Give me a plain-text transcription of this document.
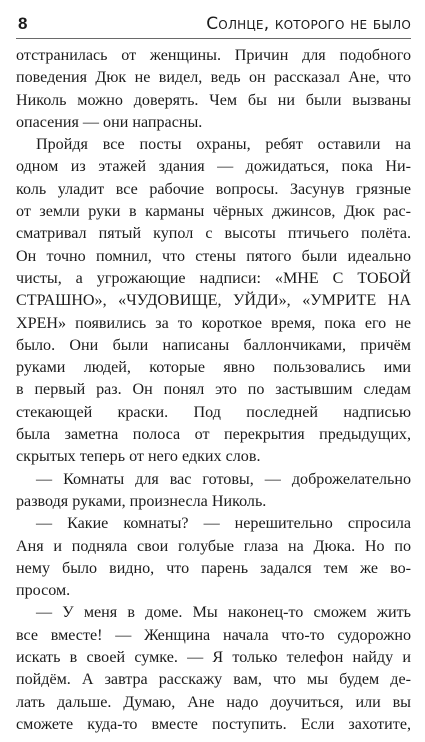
8	Солнце, которого не было
отстранилась от женщины. Причин для подобного
поведения Дюк не видел, ведь он рассказал Ане, что
Николь можно доверять. Чем бы ни были вызваны
опасения — они напрасны.
Пройдя все посты охраны, ребят оставили на
одном из этажей здания — дожидаться, пока Ни-
коль уладит все рабочие вопросы. Засунув грязные
от земли руки в карманы чёрных джинсов, Дюк рас-
сматривал пятый купол с высоты птичьего полёта.
Он точно помнил, что стены пятого были идеально
чисты, а угрожающие надписи: «МНЕ С ТОБОЙ
СТРАШНО», «ЧУДОВИЩЕ, УЙДИ», «УМРИТЕ НА
ХРЕН» появились за то короткое время, пока его не
было. Они были написаны баллончиками, причём
руками людей, которые явно пользовались ими
в первый раз. Он понял это по застывшим следам
стекающей краски. Под последней надписью
была заметна полоса от перекрытия предыдущих,
скрытых теперь от него едких слов.
— Комнаты для вас готовы, — доброжелательно
разводя руками, произнесла Николь.
— Какие комнаты? — нерешительно спросила
Аня и подняла свои голубые глаза на Дюка. Но по
нему было видно, что парень задался тем же во-
просом.
— У меня в доме. Мы наконец-то сможем жить
все вместе! — Женщина начала что-то судорожно
искать в своей сумке. — Я только телефон найду и
пойдём. А завтра расскажу вам, что мы будем де-
лать дальше. Думаю, Ане надо доучиться, или вы
сможете куда-то вместе поступить. Если захотите,
